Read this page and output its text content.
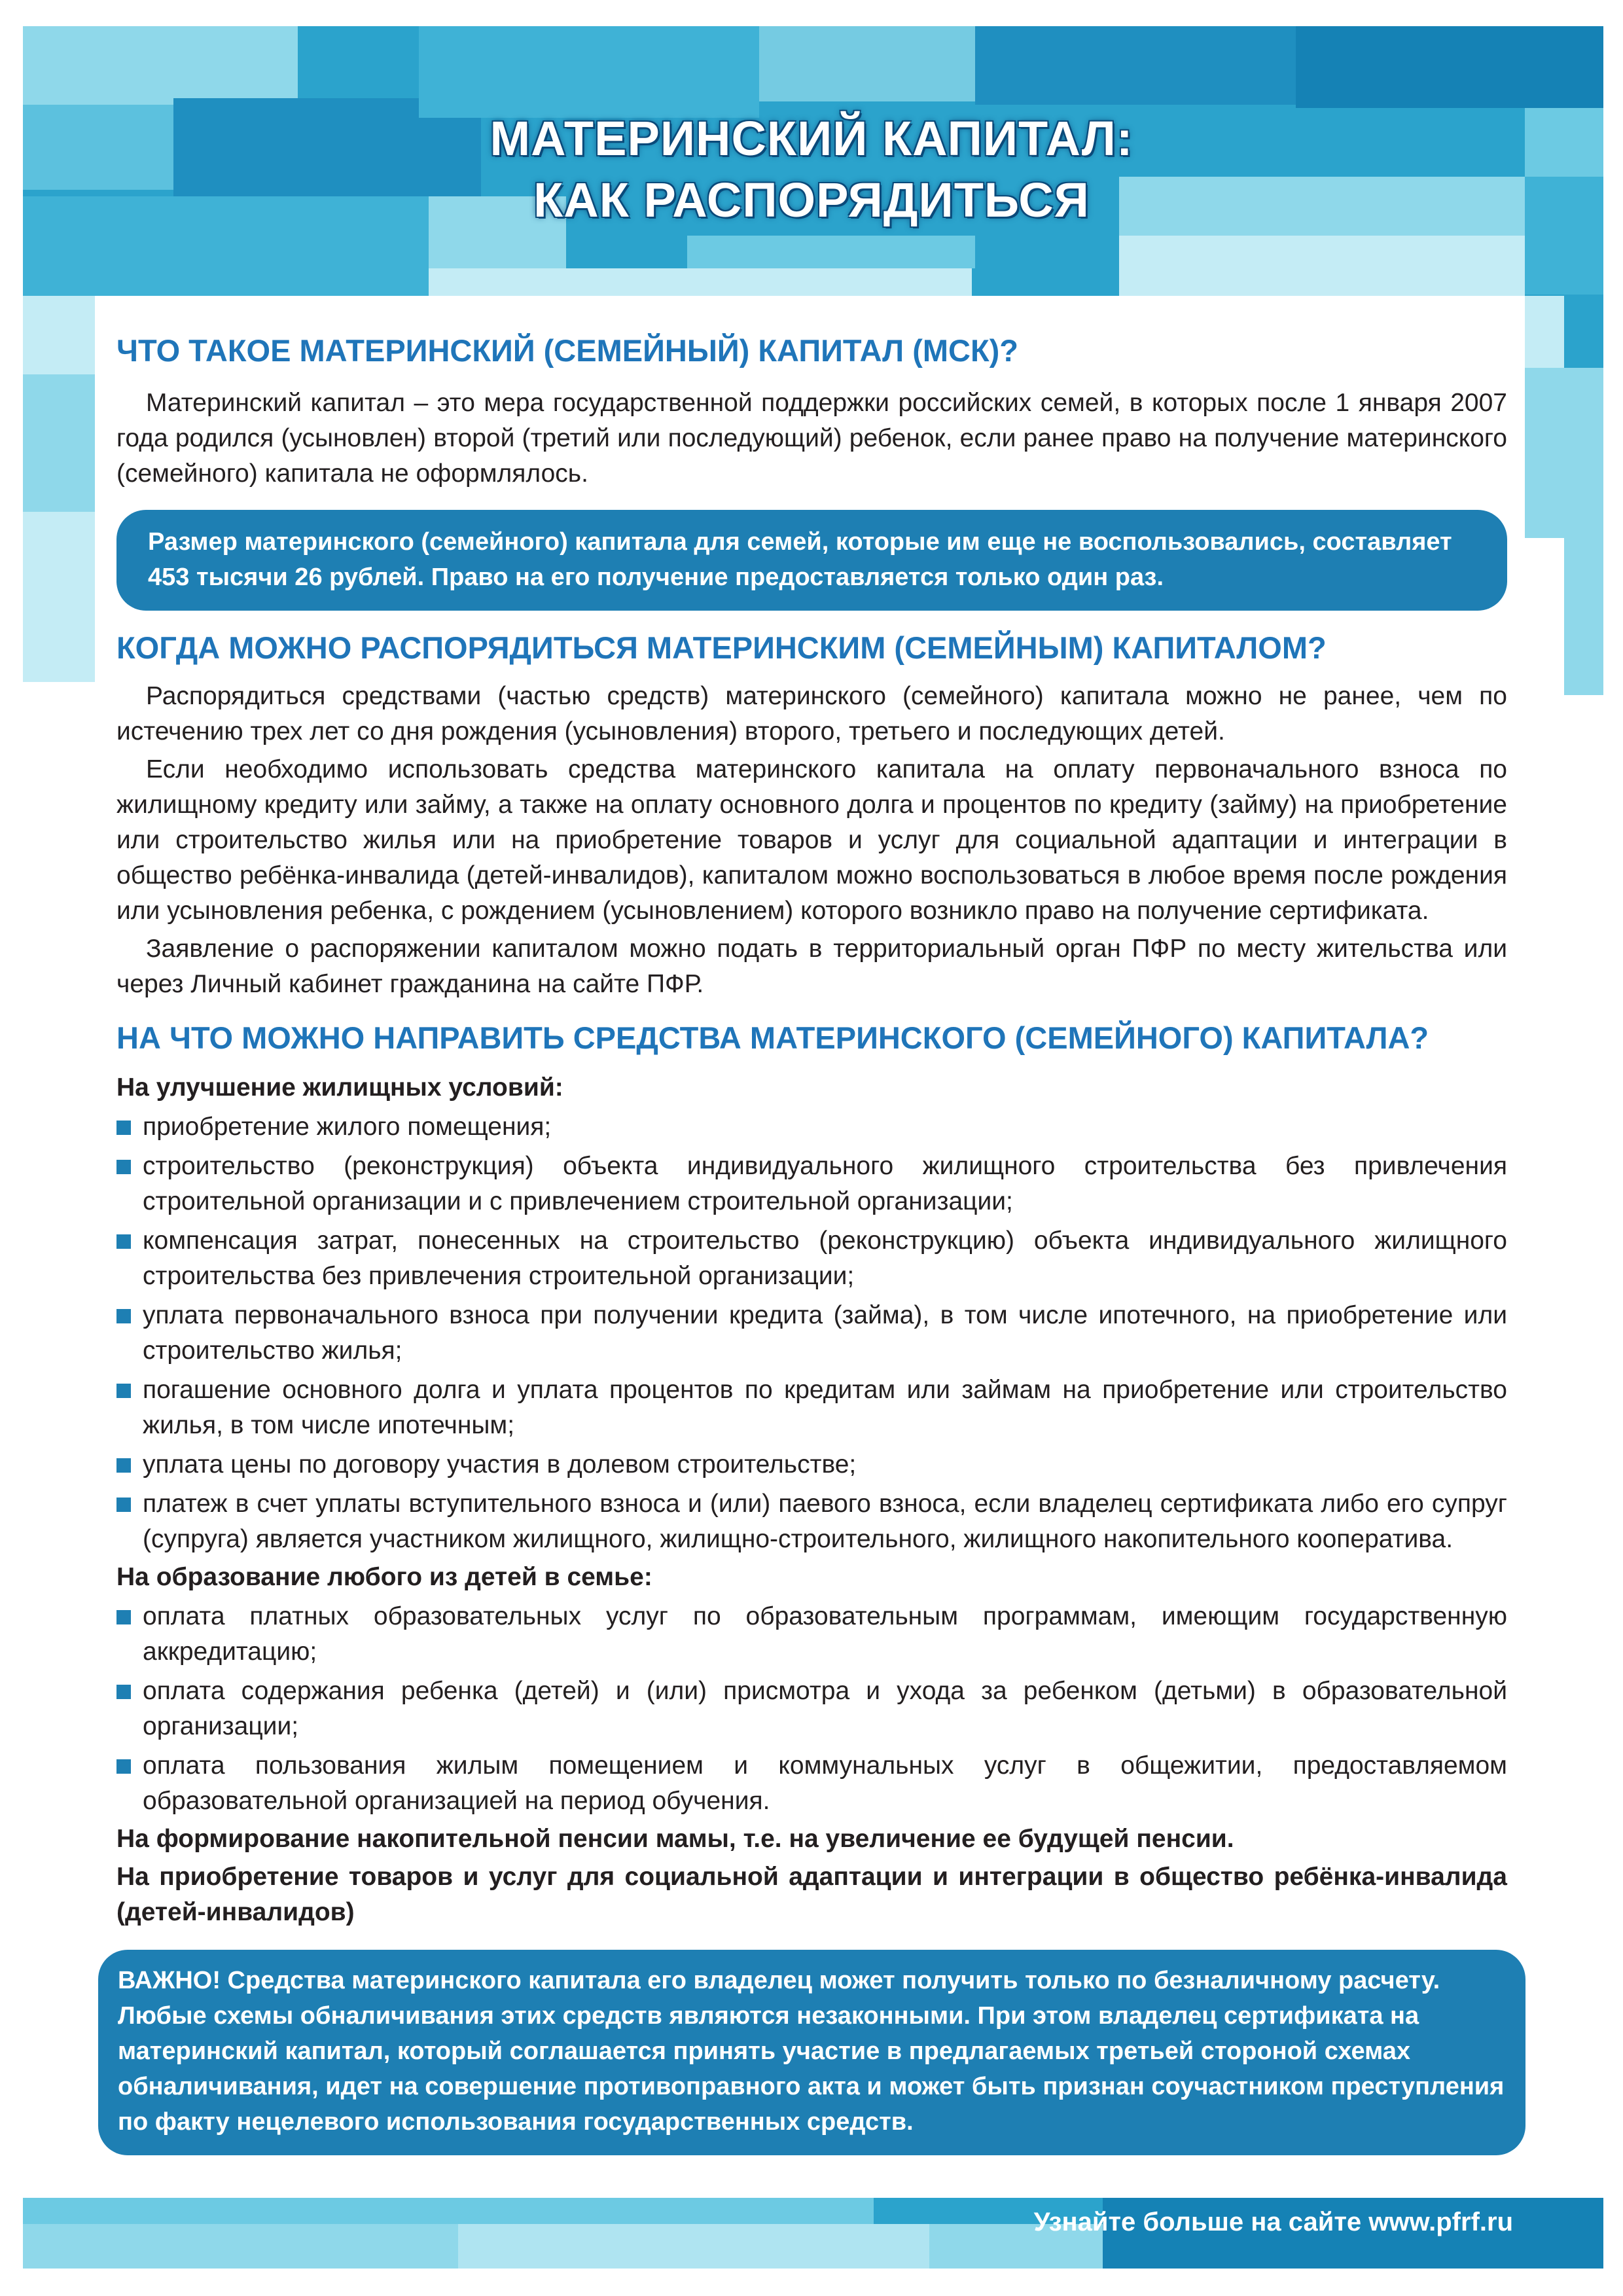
МАТЕРИНСКИЙ КАПИТАЛ:
КАК РАСПОРЯДИТЬСЯ
ЧТО ТАКОЕ МАТЕРИНСКИЙ (СЕМЕЙНЫЙ) КАПИТАЛ (МСК)?

Материнский капитал – это мера государственной поддержки российских семей, в которых после 1 января 2007 года родился (усыновлен) второй (третий или последующий) ребенок, если ранее право на получение материнского (семейного) капитала не оформлялось.

Размер материнского (семейного) капитала для семей, которые им еще не воспользовались, составляет 453 тысячи 26 рублей. Право на его получение предоставляется только один раз.
КОГДА МОЖНО РАСПОРЯДИТЬСЯ МАТЕРИНСКИМ (СЕМЕЙНЫМ) КАПИТАЛОМ?

Распорядиться средствами (частью средств) материнского (семейного) капитала можно не ранее, чем по истечению трех лет со дня рождения (усыновления) второго, третьего и последующих детей.

Если необходимо использовать средства материнского капитала на оплату первоначального взноса по жилищному кредиту или займу, а также на оплату основного долга и процентов по кредиту (займу) на приобретение или строительство жилья или на приобретение товаров и услуг для социальной адаптации и интеграции в общество ребёнка-инвалида (детей-инвалидов), капиталом можно воспользоваться в любое время после рождения или усыновления ребенка, с рождением (усыновлением) которого возникло право на получение сертификата.

Заявление о распоряжении капиталом можно подать в территориальный орган ПФР по месту жительства или через Личный кабинет гражданина на сайте ПФР.

НА ЧТО МОЖНО НАПРАВИТЬ СРЕДСТВА МАТЕРИНСКОГО (СЕМЕЙНОГО) КАПИТАЛА?
На улучшение жилищных условий:
приобретение жилого помещения;
строительство (реконструкция) объекта индивидуального жилищного строительства без привлечения строительной организации и с привлечением строительной организации;
компенсация затрат, понесенных на строительство (реконструкцию) объекта индивидуального жилищного строительства без привлечения строительной организации;
уплата первоначального взноса при получении кредита (займа), в том числе ипотечного, на приобретение или строительство жилья;
погашение основного долга и уплата процентов по кредитам или займам на приобретение или строительство жилья, в том числе ипотечным;
уплата цены по договору участия в долевом строительстве;
платеж в счет уплаты вступительного взноса и (или) паевого взноса, если владелец сертификата либо его супруг (супруга) является участником жилищного, жилищно-строительного, жилищного накопительного кооператива.
На образование любого из детей в семье:
оплата платных образовательных услуг по образовательным программам, имеющим государственную аккредитацию;
оплата содержания ребенка (детей) и (или) присмотра и ухода за ребенком (детьми) в образовательной организации;
оплата пользования жилым помещением и коммунальных услуг в общежитии, предоставляемом образовательной организацией на период обучения.
На формирование накопительной пенсии мамы, т.е. на увеличение ее будущей пенсии.
На приобретение товаров и услуг для социальной адаптации и интеграции в общество ребёнка-инвалида (детей-инвалидов)
ВАЖНО! Средства материнского капитала его владелец может получить только по безналичному расчету. Любые схемы обналичивания этих средств являются незаконными. При этом владелец сертификата на материнский капитал, который соглашается принять участие в предлагаемых третьей стороной схемах обналичивания, идет на совершение противоправного акта и может быть признан соучастником преступления по факту нецелевого использования государственных средств.
Узнайте больше на сайте www.pfrf.ru
